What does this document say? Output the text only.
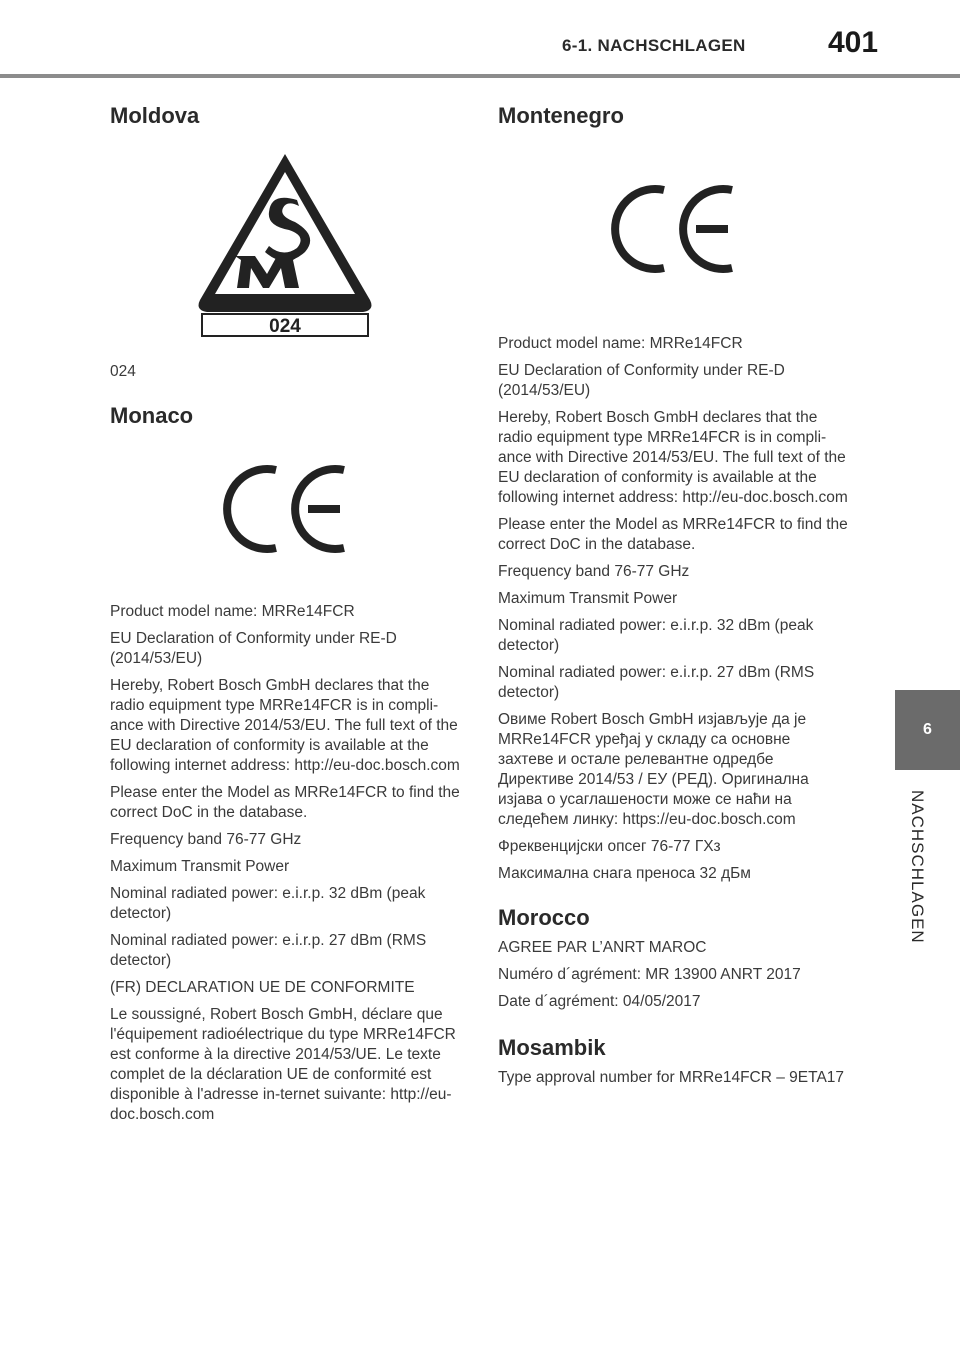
6-1. NACHSCHLAGEN	401
6
NACHSCHLAGEN
Moldova
024

024

Monaco

Product model name: MRRe14FCR

EU Declaration of Conformity under RE-D (2014/53/EU)

Hereby, Robert Bosch GmbH declares that the radio equipment type MRRe14FCR is in compli-ance with Directive 2014/53/EU. The full text of the EU declaration of conformity is available at the following internet address: http://eu-doc.bosch.com

Please enter the Model as MRRe14FCR to find the correct DoC in the database.

Frequency band 76-77 GHz

Maximum Transmit Power

Nominal radiated power: e.i.r.p. 32 dBm (peak detector)

Nominal radiated power: e.i.r.p. 27 dBm (RMS detector)

(FR) DECLARATION UE DE CONFORMITE

Le soussigné, Robert Bosch GmbH, déclare que l'équipement radioélectrique du type MRRe14FCR est conforme à la directive 2014/53/UE. Le texte complet de la déclaration UE de conformité est disponible à l'adresse in-ternet suivante: http://eu-doc.bosch.com

Montenegro

Product model name: MRRe14FCR

EU Declaration of Conformity under RE-D (2014/53/EU)

Hereby, Robert Bosch GmbH declares that the radio equipment type MRRe14FCR is in compli-ance with Directive 2014/53/EU. The full text of the EU declaration of conformity is available at the following internet address: http://eu-doc.bosch.com

Please enter the Model as MRRe14FCR to find the correct DoC in the database.

Frequency band 76-77 GHz

Maximum Transmit Power

Nominal radiated power: e.i.r.p. 32 dBm (peak detector)

Nominal radiated power: e.i.r.p. 27 dBm (RMS detector)

Овиме Robert Bosch GmbH изјављује да је MRRe14FCR уређај у складу са основне захтеве и остале релевантне одредбе Директиве 2014/53 / ЕУ (РЕД). Оригинална изјава о усаглашености може се наћи на следећем линку: https://eu-doc.bosch.com

Фреквенцијски опсег 76-77 ГХз

Максимална снага преноса 32 дБм

Morocco

AGREE PAR L’ANRT MAROC

Numéro d´agrément: MR 13900 ANRT 2017

Date d´agrément: 04/05/2017

Mosambik

Type approval number for MRRe14FCR – 9ETA17
